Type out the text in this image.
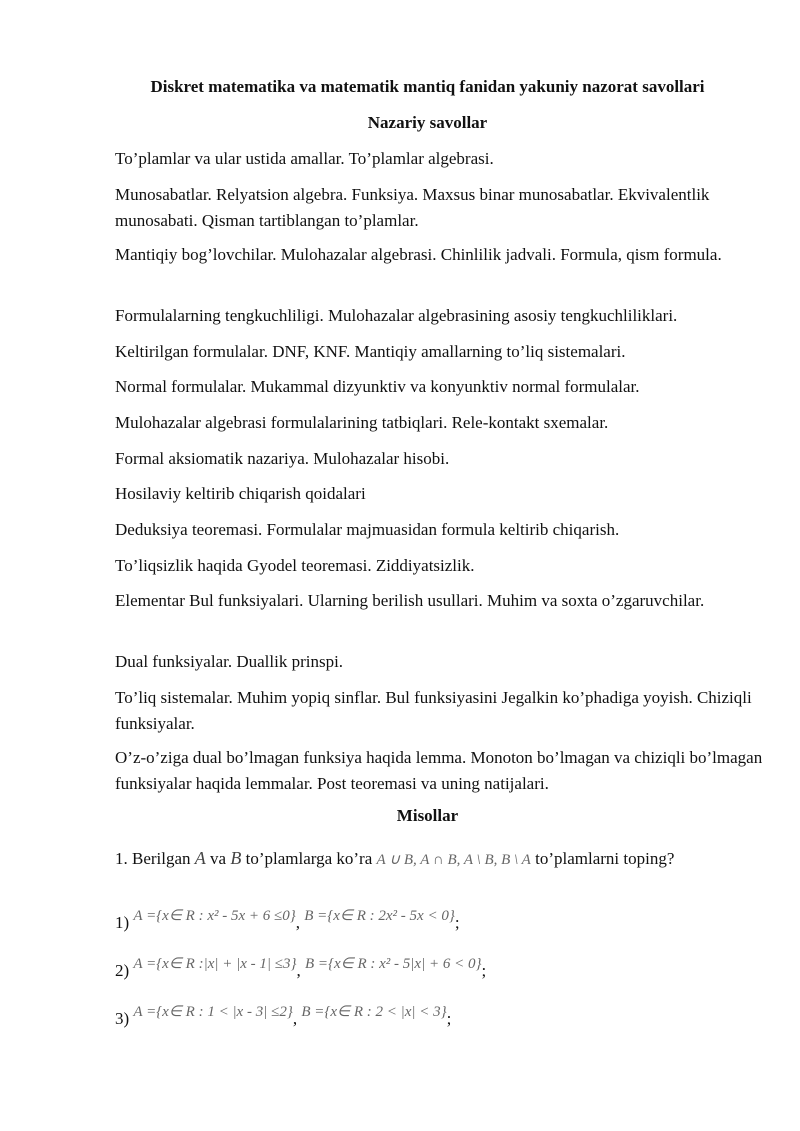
Diskret matematika va matematik mantiq fanidan yakuniy nazorat savollari
Nazariy savollar
To’plamlar va ular ustida amallar. To’plamlar algebrasi.
Munosabatlar. Relyatsion algebra. Funksiya. Maxsus binar munosabatlar. Ekvivalentlik munosabati. Qisman tartiblangan to’plamlar.
Mantiqiy bog’lovchilar. Mulohazalar algebrasi. Chinlilik jadvali. Formula, qism formula.
Formulalarning tengkuchliligi. Mulohazalar algebrasining asosiy tengkuchliliklari.
Keltirilgan formulalar. DNF, KNF. Mantiqiy amallarning to’liq sistemalari.
Normal formulalar. Mukammal dizyunktiv va konyunktiv normal formulalar.
Mulohazalar algebrasi formulalarining tatbiqlari. Rele-kontakt sxemalar.
Formal aksiomatik nazariya. Mulohazalar hisobi.
Hosilaviy keltirib chiqarish qoidalari
Deduksiya teoremasi. Formulalar majmuasidan formula keltirib chiqarish.
To’liqsizlik haqida Gyodel teoremasi. Ziddiyatsizlik.
Elementar Bul funksiyalari. Ularning berilish usullari. Muhim va soxta o’zgaruvchilar.
Dual funksiyalar. Duallik prinspi.
To’liq sistemalar. Muhim yopiq sinflar. Bul funksiyasini Jegalkin ko’phadiga yoyish. Chiziqli funksiyalar.
O’z-o’ziga dual bo’lmagan funksiya haqida lemma. Monoton bo’lmagan va chiziqli bo’lmagan funksiyalar haqida lemmalar. Post teoremasi va uning natijalari.
Misollar
1. Berilgan A va B to’plamlarga ko’ra A ∪ B, A ∩ B, A \ B, B \ A to’plamlarni toping?
1) A ={x∈ R : x² - 5x + 6 ≤0}, B ={x∈ R : 2x² - 5x < 0};
2) A ={x∈ R :|x| + |x - 1| ≤3}, B ={x∈ R : x² - 5|x| + 6 < 0};
3) A ={x∈ R : 1 < |x - 3| ≤2}, B ={x∈ R : 2 < |x| < 3};
